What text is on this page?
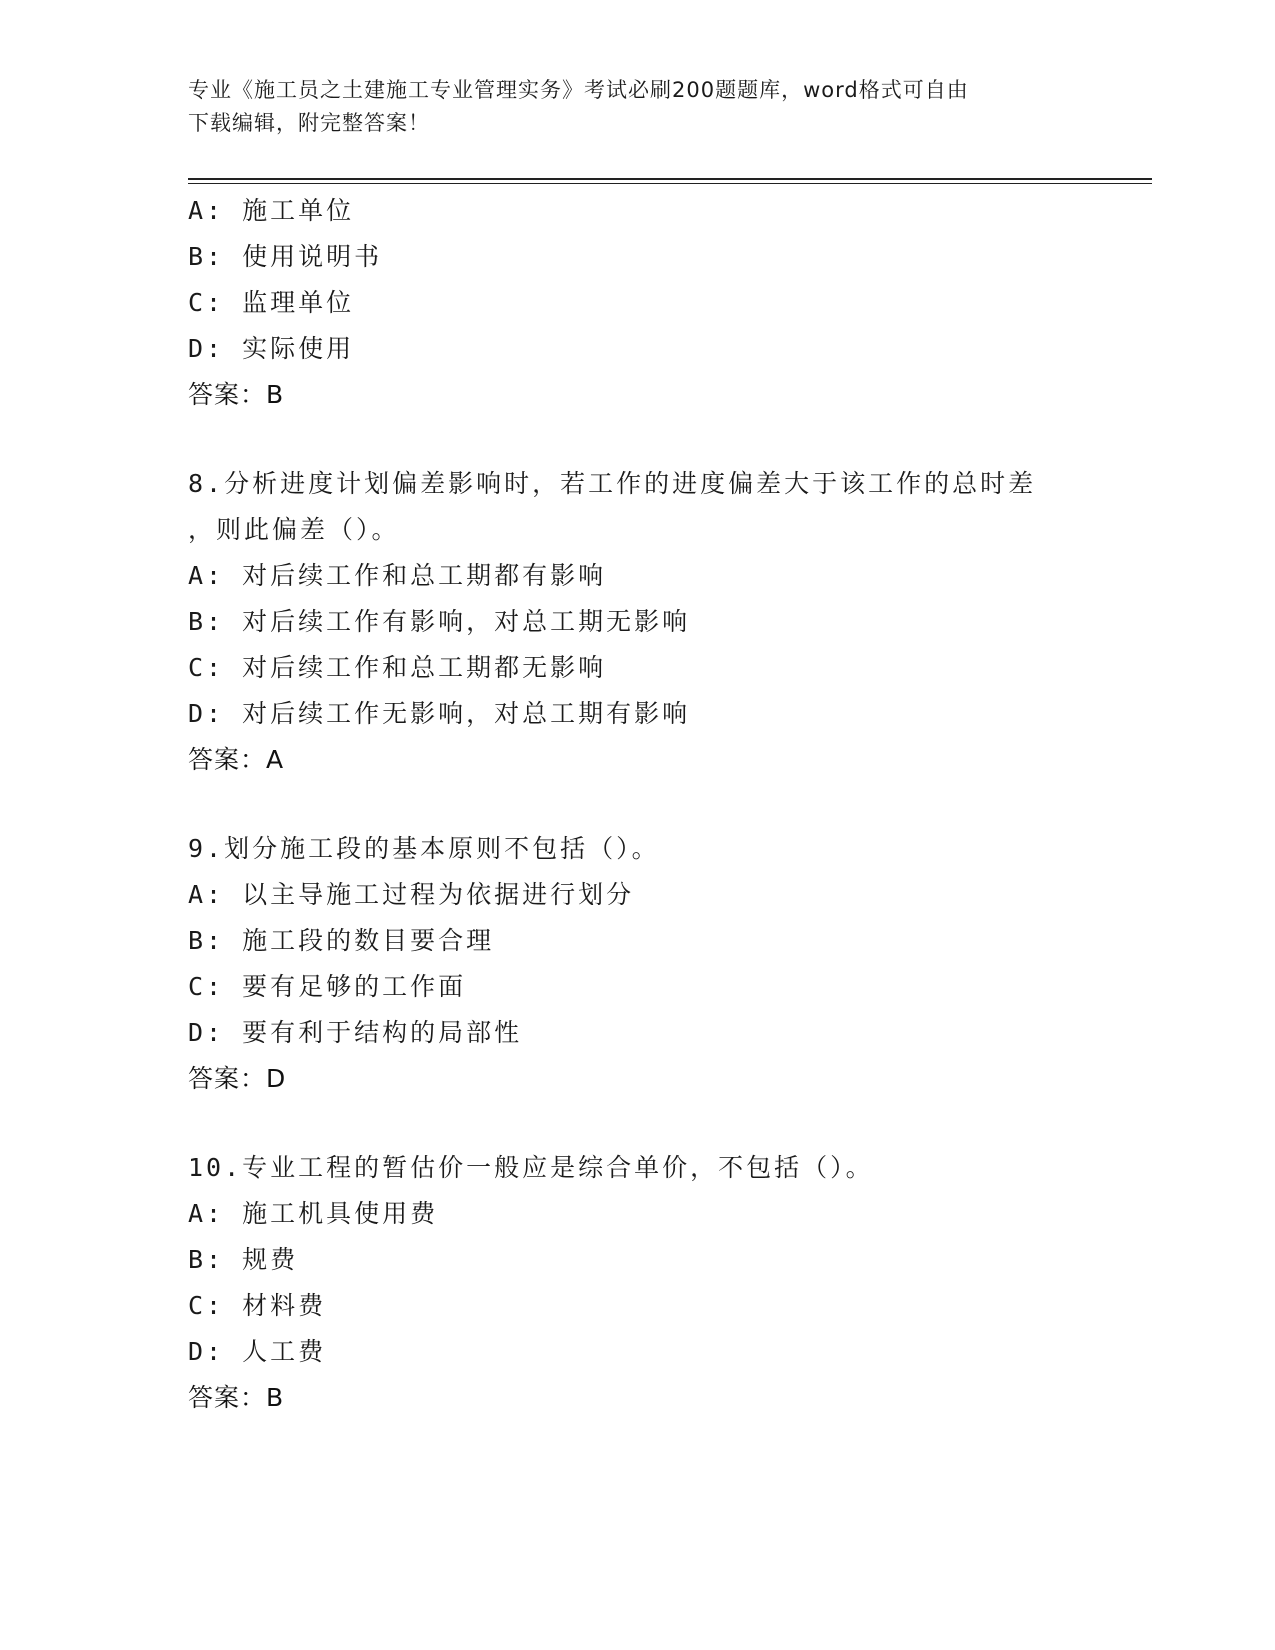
专业《施工员之土建施工专业管理实务》考试必刷200题题库，word格式可自由
下载编辑，附完整答案！
A: 施工单位
B: 使用说明书
C: 监理单位
D: 实际使用
答案：B
8.分析进度计划偏差影响时，若工作的进度偏差大于该工作的总时差
，则此偏差（）。
A: 对后续工作和总工期都有影响
B: 对后续工作有影响，对总工期无影响
C: 对后续工作和总工期都无影响
D: 对后续工作无影响，对总工期有影响
答案：A
9.划分施工段的基本原则不包括（）。
A: 以主导施工过程为依据进行划分
B: 施工段的数目要合理
C: 要有足够的工作面
D: 要有利于结构的局部性
答案：D
10.专业工程的暂估价一般应是综合单价，不包括（）。
A: 施工机具使用费
B: 规费
C: 材料费
D: 人工费
答案：B
